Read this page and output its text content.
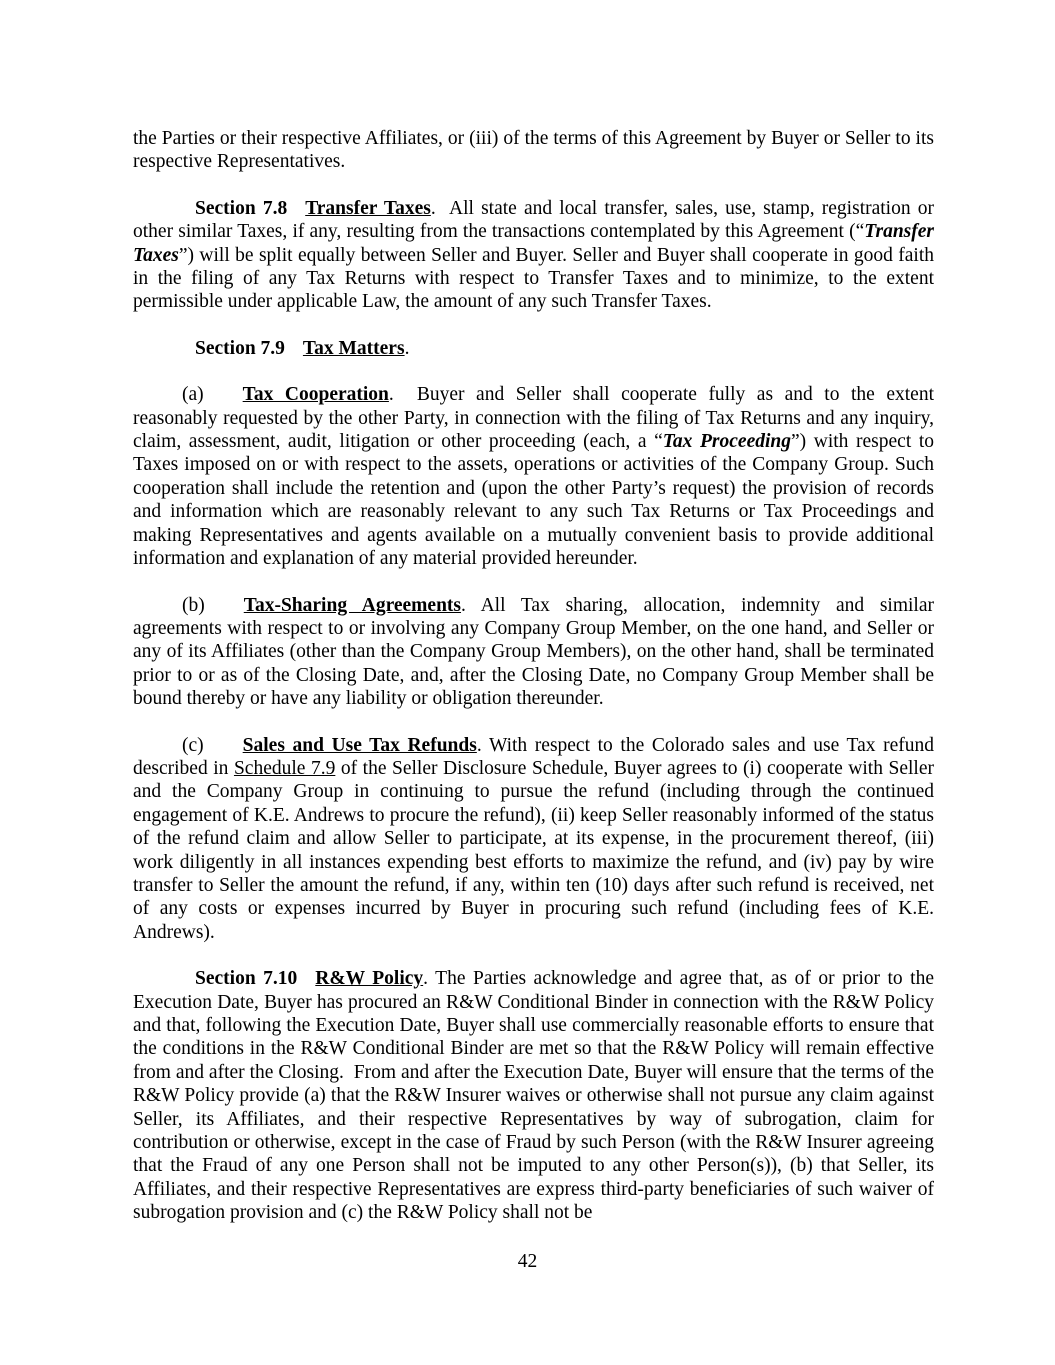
the Parties or their respective Affiliates, or (iii) of the terms of this Agreement by Buyer or Seller to its respective Representatives.

Section 7.8 Transfer Taxes.  All state and local transfer, sales, use, stamp, registration or other similar Taxes, if any, resulting from the transactions contemplated by this Agreement (“Transfer Taxes”) will be split equally between Seller and Buyer. Seller and Buyer shall cooperate in good faith in the filing of any Tax Returns with respect to Transfer Taxes and to minimize, to the extent permissible under applicable Law, the amount of any such Transfer Taxes.

Section 7.9 Tax Matters.

(a) Tax Cooperation.  Buyer and Seller shall cooperate fully as and to the extent reasonably requested by the other Party, in connection with the filing of Tax Returns and any inquiry, claim, assessment, audit, litigation or other proceeding (each, a “Tax Proceeding”) with respect to Taxes imposed on or with respect to the assets, operations or activities of the Company Group. Such cooperation shall include the retention and (upon the other Party’s request) the provision of records and information which are reasonably relevant to any such Tax Returns or Tax Proceedings and making Representatives and agents available on a mutually convenient basis to provide additional information and explanation of any material provided hereunder.

(b) Tax-Sharing Agreements. All Tax sharing, allocation, indemnity and similar agreements with respect to or involving any Company Group Member, on the one hand, and Seller or any of its Affiliates (other than the Company Group Members), on the other hand, shall be terminated prior to or as of the Closing Date, and, after the Closing Date, no Company Group Member shall be bound thereby or have any liability or obligation thereunder.

(c) Sales and Use Tax Refunds. With respect to the Colorado sales and use Tax refund described in Schedule 7.9 of the Seller Disclosure Schedule, Buyer agrees to (i) cooperate with Seller and the Company Group in continuing to pursue the refund (including through the continued engagement of K.E. Andrews to procure the refund), (ii) keep Seller reasonably informed of the status of the refund claim and allow Seller to participate, at its expense, in the procurement thereof, (iii) work diligently in all instances expending best efforts to maximize the refund, and (iv) pay by wire transfer to Seller the amount the refund, if any, within ten (10) days after such refund is received, net of any costs or expenses incurred by Buyer in procuring such refund (including fees of K.E. Andrews).

Section 7.10 R&W Policy. The Parties acknowledge and agree that, as of or prior to the Execution Date, Buyer has procured an R&W Conditional Binder in connection with the R&W Policy and that, following the Execution Date, Buyer shall use commercially reasonable efforts to ensure that the conditions in the R&W Conditional Binder are met so that the R&W Policy will remain effective from and after the Closing.  From and after the Execution Date, Buyer will ensure that the terms of the R&W Policy provide (a) that the R&W Insurer waives or otherwise shall not pursue any claim against Seller, its Affiliates, and their respective Representatives by way of subrogation, claim for contribution or otherwise, except in the case of Fraud by such Person (with the R&W Insurer agreeing that the Fraud of any one Person shall not be imputed to any other Person(s)), (b) that Seller, its Affiliates, and their respective Representatives are express third-party beneficiaries of such waiver of subrogation provision and (c) the R&W Policy shall not be

42
